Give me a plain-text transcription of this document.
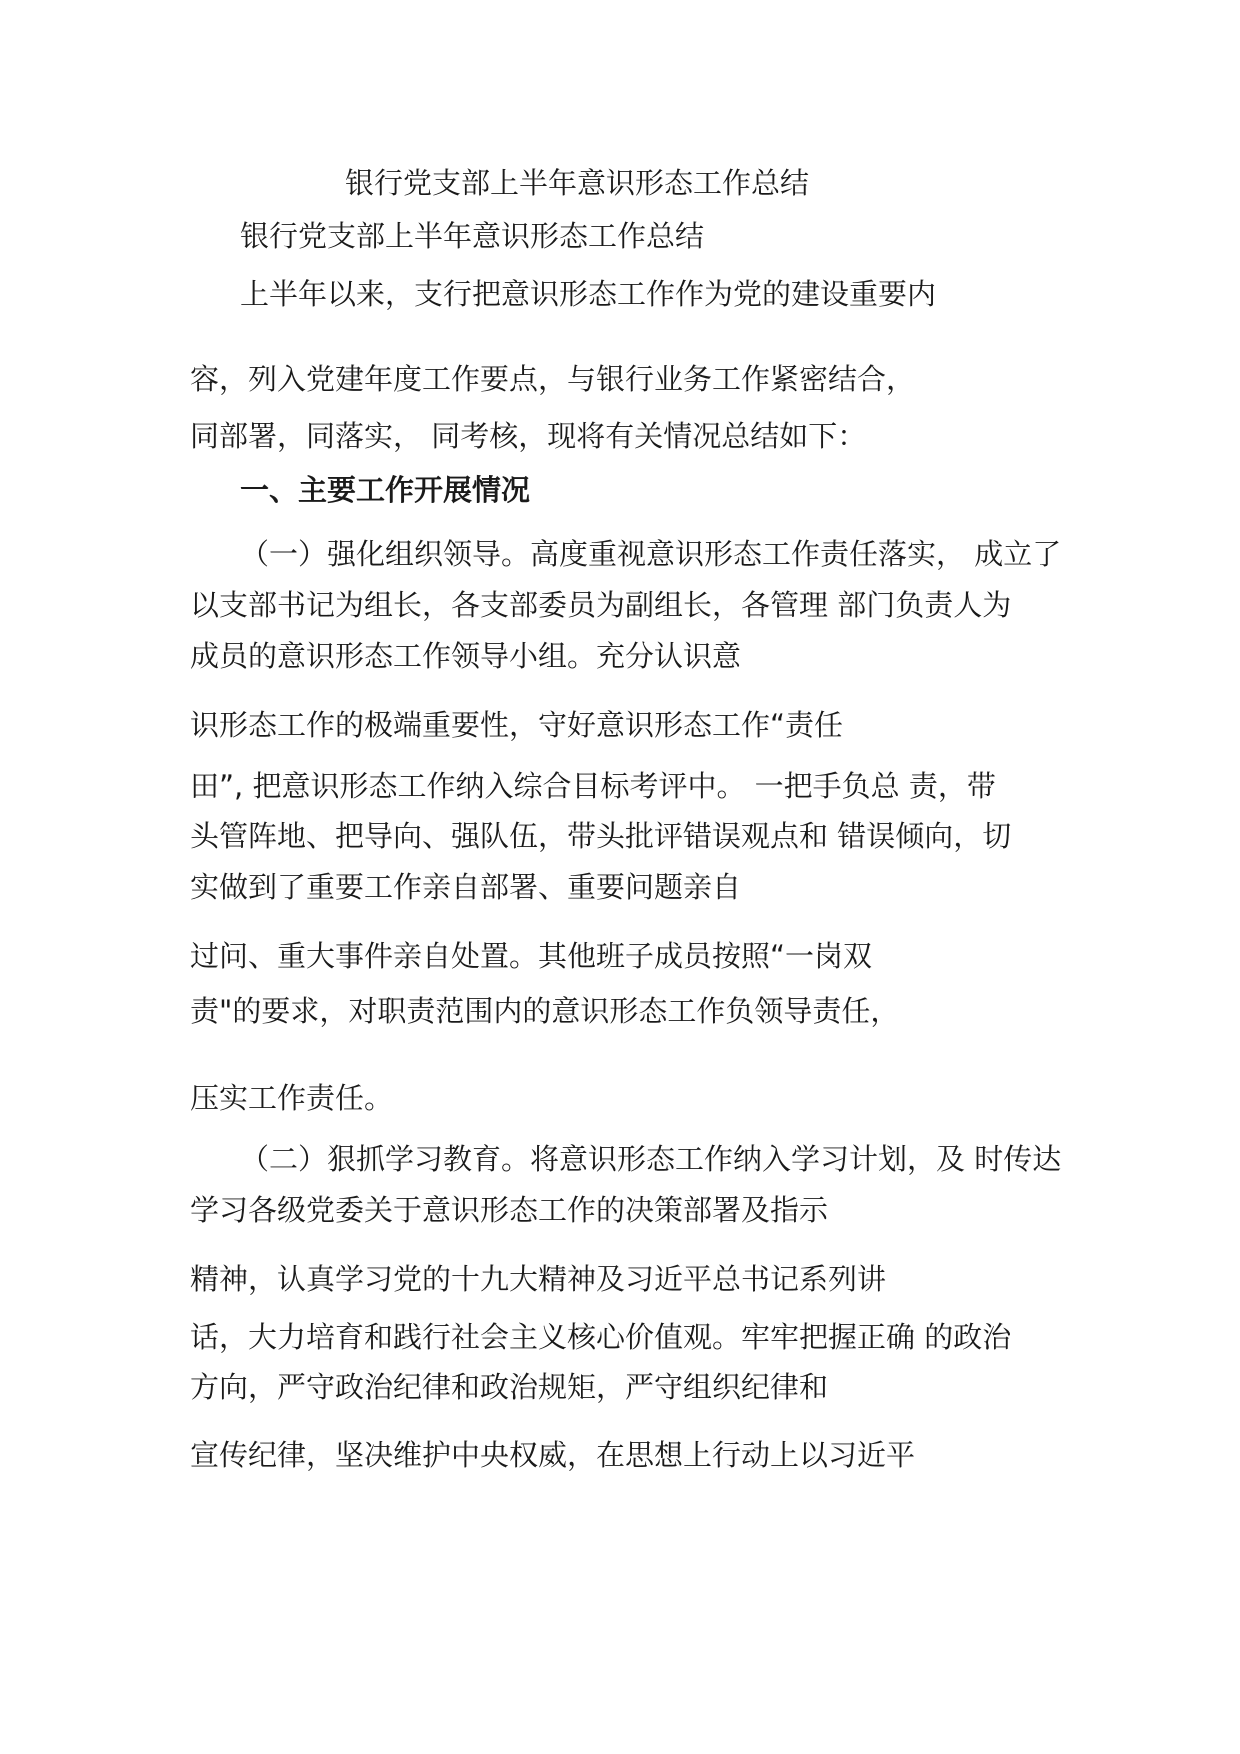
银行党支部上半年意识形态工作总结
银行党支部上半年意识形态工作总结
上半年以来，支行把意识形态工作作为党的建设重要内
容，列入党建年度工作要点，与银行业务工作紧密结合，
同部署，同落实， 同考核，现将有关情况总结如下：
一、主要工作开展情况
（一）强化组织领导。高度重视意识形态工作责任落实， 成立了
以支部书记为组长，各支部委员为副组长，各管理 部门负责人为
成员的意识形态工作领导小组。充分认识意
识形态工作的极端重要性，守好意识形态工作“责任
田”, 把意识形态工作纳入综合目标考评中。 一把手负总 责，带
头管阵地、把导向、强队伍，带头批评错误观点和 错误倾向，切
实做到了重要工作亲自部署、重要问题亲自
过问、重大事件亲自处置。其他班子成员按照“一岗双
责"的要求，对职责范围内的意识形态工作负领导责任，
压实工作责任。
（二）狠抓学习教育。将意识形态工作纳入学习计划，及 时传达
学习各级党委关于意识形态工作的决策部署及指示
精神，认真学习党的十九大精神及习近平总书记系列讲
话，大力培育和践行社会主义核心价值观。牢牢把握正确 的政治
方向，严守政治纪律和政治规矩，严守组织纪律和
宣传纪律，坚决维护中央权威，在思想上行动上以习近平
